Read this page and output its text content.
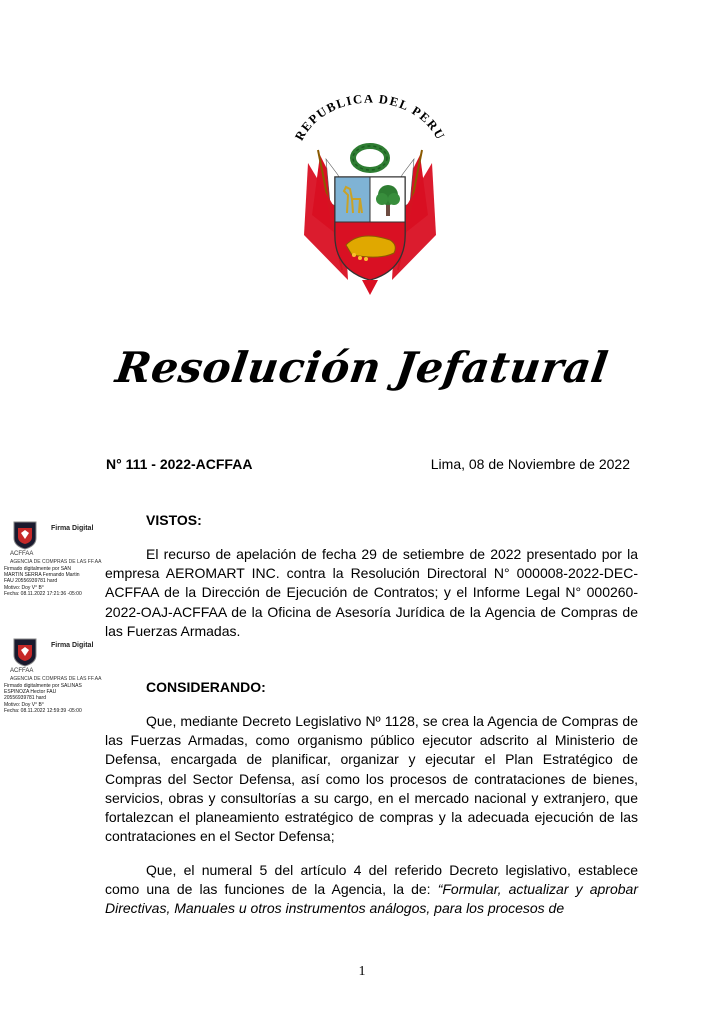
REPUBLICA DEL PERU
Resolución Jefatural
N° 111 - 2022-ACFFAA	Lima, 08 de Noviembre de 2022
VISTOS:

El recurso de apelación de fecha 29 de setiembre de 2022 presentado por la empresa AEROMART INC. contra la Resolución Directoral N° 000008-2022-DEC-ACFFAA de la Dirección de Ejecución de Contratos; y el Informe Legal N° 000260-2022-OAJ-ACFFAA de la Oficina de Asesoría Jurídica de la Agencia de Compras de las Fuerzas Armadas.

CONSIDERANDO:

Que, mediante Decreto Legislativo Nº 1128, se crea la Agencia de Compras de las Fuerzas Armadas, como organismo público ejecutor adscrito al Ministerio de Defensa, encargada de planificar, organizar y ejecutar el Plan Estratégico de Compras del Sector Defensa, así como los procesos de contrataciones de bienes, servicios, obras y consultorías a su cargo, en el mercado nacional y extranjero, que fortalezcan el planeamiento estratégico de compras y la adecuada ejecución de las contrataciones en el Sector Defensa;

Que, el numeral 5 del artículo 4 del referido Decreto legislativo, establece como una de las funciones de la Agencia, la de: “Formular, actualizar y aprobar Directivas, Manuales u otros instrumentos análogos, para los procesos de

Firma Digital
ACFFAA
AGENCIA DE COMPRAS DE LAS FF.AA
Firmado digitalmente por SAN
MARTIN SERRA Fernando Martin
FAU 20556939781 hard
Motivo: Doy V° B°
Fecha: 08.11.2022 17:21:36 -05:00
Firma Digital
ACFFAA
AGENCIA DE COMPRAS DE LAS FF.AA
Firmado digitalmente por SALINAS
ESPINOZA Hector FAU
20556939781 hard
Motivo: Doy V° B°
Fecha: 08.11.2022 12:59:39 -05:00
1
